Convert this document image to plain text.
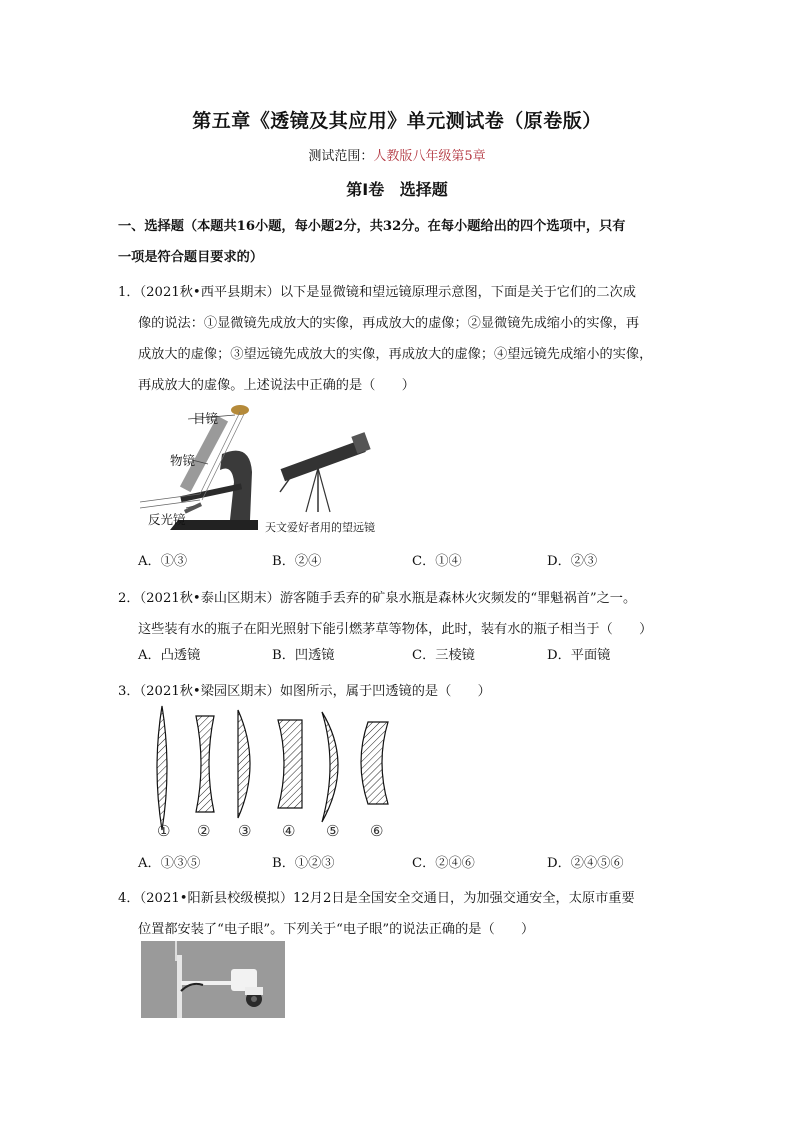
第五章《透镜及其应用》单元测试卷（原卷版）
测试范围：人教版八年级第5章
第Ⅰ卷 选择题
一、选择题（本题共16小题，每小题2分，共32分。在每小题给出的四个选项中，只有
一项是符合题目要求的）
1．（2021秋•西平县期末）以下是显微镜和望远镜原理示意图，下面是关于它们的二次成
像的说法：①显微镜先成放大的实像，再成放大的虚像；②显微镜先成缩小的实像，再
成放大的虚像；③望远镜先成放大的实像，再成放大的虚像；④望远镜先成缩小的实像，
再成放大的虚像。上述说法中正确的是（　　）
目镜
物镜
反光镜
天文爱好者用的望远镜
A．①③	B．②④	C．①④	D．②③
2．（2021秋•泰山区期末）游客随手丢弃的矿泉水瓶是森林火灾频发的“罪魁祸首”之一。
这些装有水的瓶子在阳光照射下能引燃茅草等物体，此时，装有水的瓶子相当于（　　）
A．凸透镜	B．凹透镜	C．三棱镜	D．平面镜
3．（2021秋•梁园区期末）如图所示，属于凹透镜的是（　　）
① ② ③ ④ ⑤ ⑥
A．①③⑤	B．①②③	C．②④⑥	D．②④⑤⑥
4．（2021•阳新县校级模拟）12月2日是全国安全交通日，为加强交通安全，太原市重要
位置都安装了“电子眼”。下列关于“电子眼”的说法正确的是（　　）
